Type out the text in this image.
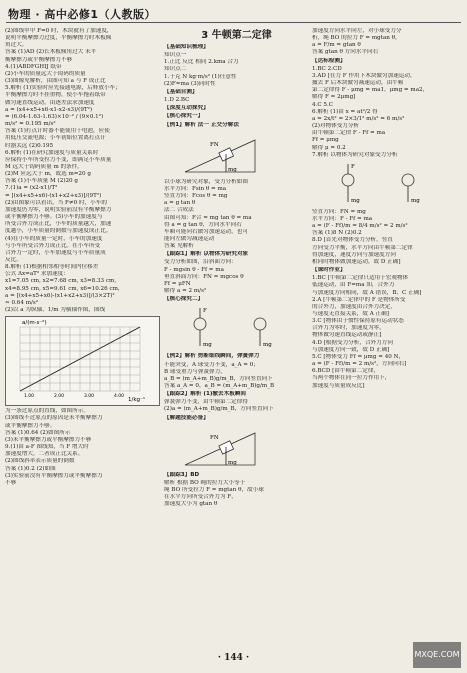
物理 · 高中必修1（人教版）

(2)图线甲中 F=0 时，木块就有了加速度，

说明平衡摩擦力过度，平衡摩擦力时木板倾

角过大。

答案 (1)AD (2)长木板倾角过大 未平

衡摩擦力或平衡摩擦力不够

4.(1)ABDFGHIJ 纸带

(2)小车的质量远大于钩码的质量

(3)图像见解析，由图可知 a 与 F 成正比

5.解析 (1)实验时应先接通电源，后释放小车；

平衡摩擦力时不挂重物，使小车拖着纸带

做匀速直线运动。由逐差法求加速度

a = (x4+x5+x6-x1-x2-x3)/(9T²)

= (6.04-1.63-1.63)×10⁻² / (9×0.1²)

m/s² = 0.195 m/s²

答案 (1)打点计时器不能使用干电池，应使

用低压交流电源；小车初始位置离打点计

时器太远 (2)0.195

6.解析 (1)在研究加速度与质量关系时

应保持小车所受拉力不变，即满足小车质量

M 远大于钩码质量 m 的条件。

(2)M 应远大于 m，故选 m=20 g

答案 (1)小车质量 M (2)20 g

7.(1)a = (x2-x1)/T²

= [(x4+x5+x6)-(x1+x2+x3)]/(9T²)

(2)由图象可以看出，当 F≠0 时，小车的

加速度仍为零，说明实验前没有平衡摩擦力

或平衡摩擦力不够。(3)小车的加速度与

所受合外力成正比，小车的质量越大，加速

度越小，小车质量的倒数与加速度成正比。

(4)在小车的质量一定时，小车的加速度

与小车所受合外力成正比。在小车所受

合外力一定时，小车加速度与小车质量成

反比。

8.解析 (1)根据相邻相等时间内位移差

公式 Δx=aT² 求加速度：

x1=7.05 cm, x2=7.68 cm, x3=8.33 cm,

x4=8.95 cm, x5=9.61 cm, x6=10.26 cm，

a = [(x4+x5+x6)-(x1+x2+x3)]/(3×2T)²

≈ 0.64 m/s²

(2)以 a 为纵轴、1/m 为横轴作图，图线

a/(m·s⁻²)
1/kg⁻¹
1.00	2.00	3.00	4.00

为一条过原点的直线，如图所示。

(3)图线不过原点的原因是未平衡摩擦力

或平衡摩擦力不够。

答案 (1)0.64 (2)如图所示

(3)未平衡摩擦力或平衡摩擦力不够

9.(1)由 a-F 图线知，当 F 增大时

加速度增大，二者成正比关系。

(2)图线斜率表示质量的倒数

答案 (1)0.2 (2)如图

(3)实验前没有平衡摩擦力或平衡摩擦力

不够

3 牛顿第二定律

【基础知识梳理】

知识点一

1.正比 反比 相同 2.kma 合力

知识点二

1.千克 N kg·m/s² (1)任意性

(2)F=ma (3)同时性

【基础自测】

1.D 2.BC

【深度互动探究】

【核心探究一】

【例1】解析 法一 正交分解法

mg
FN

以小球为研究对象，受力分析如图

水平方向：Fsin θ = ma

竖直方向：Fcos θ = mg

a = g tan θ

法二 合成法

由图可知：F合 = mg tan θ = ma

得 a = g tan θ，方向水平向右

车厢可能向右做匀加速运动，也可

能向左做匀减速运动

答案 见解析

【跟踪1】解析 以物体为研究对象

受力分析如图，沿斜面方向：

F - mgsin θ - Ff = ma

垂直斜面方向：FN = mgcos θ

Ff = μFN

解得 a = 2 m/s²

【核心探究二】

mg
F
mg

【例2】解析 剪断细线瞬间，弹簧弹力

不能突变，A 球受力不变，a_A = 0；

B 球受重力与弹簧弹力，

a_B = (m_A+m_B)g/m_B，方向竖直向下

答案 a_A = 0，a_B = (m_A+m_B)g/m_B

【跟踪2】解析 (1)撤去木板瞬间

弹簧弹力不变，由牛顿第二定律得

(2)a = (m_A+m_B)g/m_B，方向竖直向下

【解题技能必备】

mg
FN

【跟踪3】BD

解析 根据 BO 绳的拉力大小等于

绳 BO 所受拉力 F = mgtan θ，故小球

在水平方向所受合外力为 F，

加速度大小为 gtan θ

加速度方向水平向左，对小球受力分

析，绳 BO 的拉力 F = mgtan θ，

a = F/m = gtan θ

答案 gtan θ 方向水平向右

【达标检测】

1.BC 2.CD

3.AD [在力 F 作用下木块做匀加速运动，

撤去 F 后木块做匀减速运动，由牛顿

第二定律得 F - μmg = ma1，μmg = ma2，

解得 F = 2μmg]

4.C 5.C

6.解析 (1)由 x = at²/2 得

a = 2x/t² = 2×3/1² m/s² = 6 m/s²

(2)对物体受力分析

由牛顿第二定律 F - Ff = ma

Ff = μmg

解得 μ = 0.2

7.解析 以物体为研究对象受力分析

mg
F
mg

竖直方向：FN = mg

水平方向：F - Ff = ma

a = (F - Ff)/m = 8/4 m/s² = 2 m/s²

答案 (1)8 N (2)0.2

8.D [首先对物体受力分析，竖直

方向受力平衡，水平方向由牛顿第二定律

得加速度，速度方向与加速度方向

相同时物体做加速运动，故 D 正确]

【课时作业】

1.BC [牛顿第二定律只适用于宏观物体

低速运动，由 F=ma 知，合外力

与加速度方向相同，故 A 错误，B、C 正确]

2.A [牛顿第二定律中的 F 是物体所受

的合外力，加速度由合外力决定，

与速度无直接关系，故 A 正确]

3.C [物体由于惯性保持原有运动状态

合外力为零时，加速度为零，

物体做匀速直线运动或静止]

4.D [根据受力分析，合外力方向

与加速度方向一致，故 D 正确]

5.C [物体受力 Ff = μmg = 40 N，

a = (F - Ff)/m = 2 m/s²，方向向右]

6.BCD [由牛顿第二定律，

当两个物体在同一拉力作用下，

加速度与质量成反比]

· 144 ·	MXQE.COM
